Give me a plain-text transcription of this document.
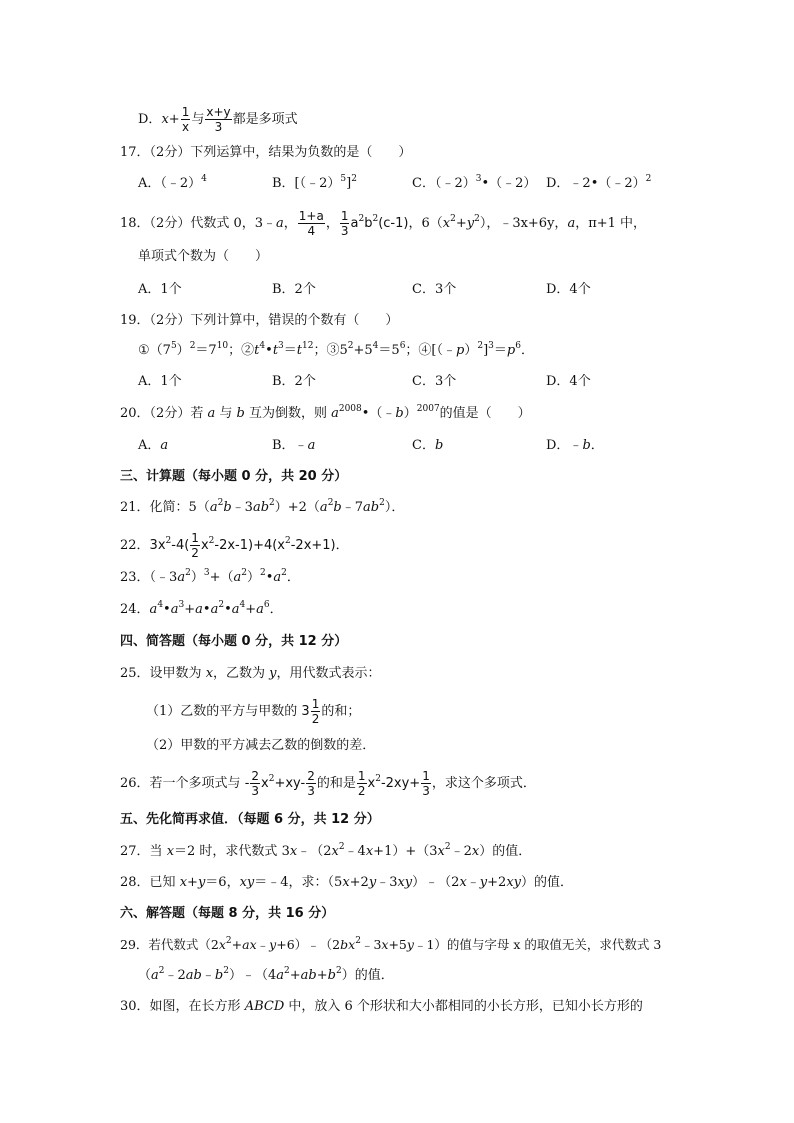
D．$x+ \frac{1}{x}$ 与 $\frac{x+y}{3}$ 都是多项式
17．（2分）下列运算中，结果为负数的是（　　）
A．（﹣2）$^4$	B．[（﹣2）$^5$]$^2$	C．（﹣2）$^3$•（﹣2） D．﹣2•（﹣2）$^2$
18．（2分）代数式 0，3﹣a， $\frac{1+a}{4}$ ， $\frac{1}{3} a^2b^2(c-1)$，$6(x^2+y^2)$，﹣3x+6y，a，π+1 中，
单项式个数为（　　）
A．1个	B．2个	C．3个	D．4个
19．（2分）下列计算中，错误的个数有（　　）
$①(7^5)^2=7^{10}$；$②t^4•t^3=t^{12}$；$③5^2+5^4=5^6$；$④[(﹣p)^2]^3=p^6$．
A．1个	B．2个	C．3个	D．4个
20．（2分）若 a 与 b 互为倒数，则 $a^{2008}•(﹣b)^{2007}$的值是（　　）
A．a	B．﹣a	C．b	D．﹣b．
三、计算题（每小题 0 分，共 20 分）
21．化简：$5(a^2b﹣3ab^2)+2(a^2b﹣7ab^2)$．
22．$3x^2-4( \frac{1}{2} x^2-2x-1)+4(x^2-2x+1)$．
23．$(﹣3a^2)^3+(a^2)^2•a^2$．
24．$a^4•a^3+a•a^2•a^4+a^6$．
四、简答题（每小题 0 分，共 12 分）
25．设甲数为 x，乙数为 y，用代数式表示：
（1）乙数的平方与甲数的 $3 \frac{1}{2}$ 的和；
（2）甲数的平方减去乙数的倒数的差．
26．若一个多项式与 - $\frac{2}{3} x^2+xy- \frac{2}{3}$ 的和是 $\frac{1}{2} x^2-2xy+ \frac{1}{3}$ ，求这个多项式．
五、先化简再求值．（每题 6 分，共 12 分）
27．当 x＝2 时，求代数式 $3x﹣(2x^2﹣4x+1)+(3x^2﹣2x)$的值．
28．已知 x+y＝6，xy＝﹣4，求：（5x+2y﹣3xy）﹣（2x﹣y+2xy）的值．
六、解答题（每题 8 分，共 16 分）
29．若代数式$(2x^2+ax﹣y+6)﹣(2bx^2﹣3x+5y﹣1)$的值与字母 x 的取值无关，求代数式 3
$(a^2﹣2ab﹣b^2)﹣(4a^2+ab+b^2)$的值．
30．如图，在长方形 ABCD 中，放入 6 个形状和大小都相同的小长方形，已知小长方形的
